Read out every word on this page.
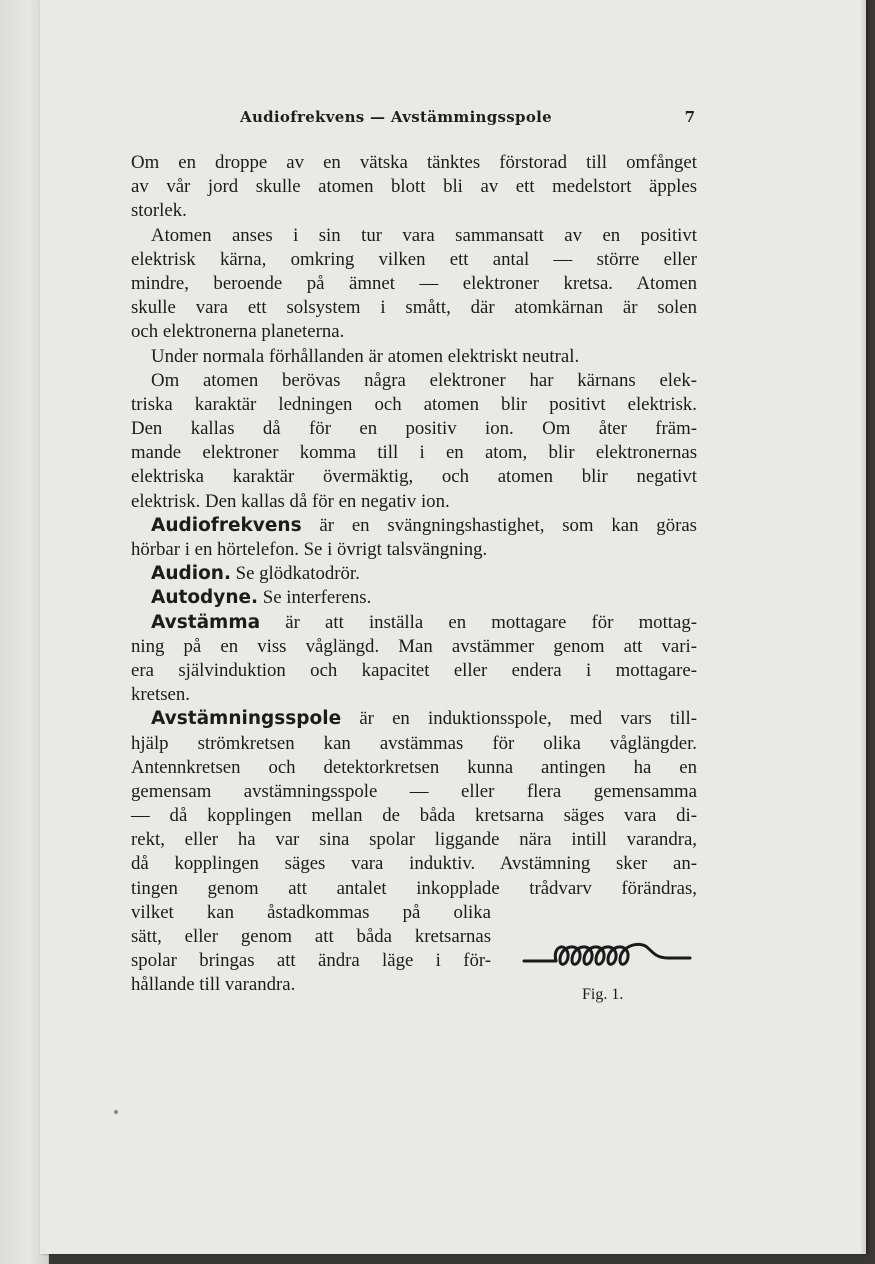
Audiofrekvens — Avstämmingsspole	7
Om en droppe av en vätska tänktes förstorad till omfånget
av vår jord skulle atomen blott bli av ett medelstort äpples
storlek.
Atomen anses i sin tur vara sammansatt av en positivt
elektrisk kärna, omkring vilken ett antal — större eller
mindre, beroende på ämnet — elektroner kretsa. Atomen
skulle vara ett solsystem i smått, där atomkärnan är solen
och elektronerna planeterna.
Under normala förhållanden är atomen elektriskt neutral.
Om atomen berövas några elektroner har kärnans elek-
triska karaktär ledningen och atomen blir positivt elektrisk.
Den kallas då för en positiv ion. Om åter främ-
mande elektroner komma till i en atom, blir elektronernas
elektriska karaktär övermäktig, och atomen blir negativt
elektrisk. Den kallas då för en negativ ion.
Audiofrekvens är en svängningshastighet, som kan göras
hörbar i en hörtelefon. Se i övrigt talsvängning.
Audion. Se glödkatodrör.
Autodyne. Se interferens.
Avstämma är att inställa en mottagare för mottag-
ning på en viss våglängd. Man avstämmer genom att vari-
era självinduktion och kapacitet eller endera i mottagare-
kretsen.
Avstämningsspole är en induktionsspole, med vars till-
hjälp strömkretsen kan avstämmas för olika våglängder.
Antennkretsen och detektorkretsen kunna antingen ha en
gemensam avstämningsspole — eller flera gemensamma
— då kopplingen mellan de båda kretsarna säges vara di-
rekt, eller ha var sina spolar liggande nära intill varandra,
då kopplingen säges vara induktiv. Avstämning sker an-
tingen genom att antalet inkopplade trådvarv förändras,
vilket kan åstadkommas på olika
sätt, eller genom att båda kretsarnas
spolar bringas att ändra läge i för-
hållande till varandra.	Fig. 1.
